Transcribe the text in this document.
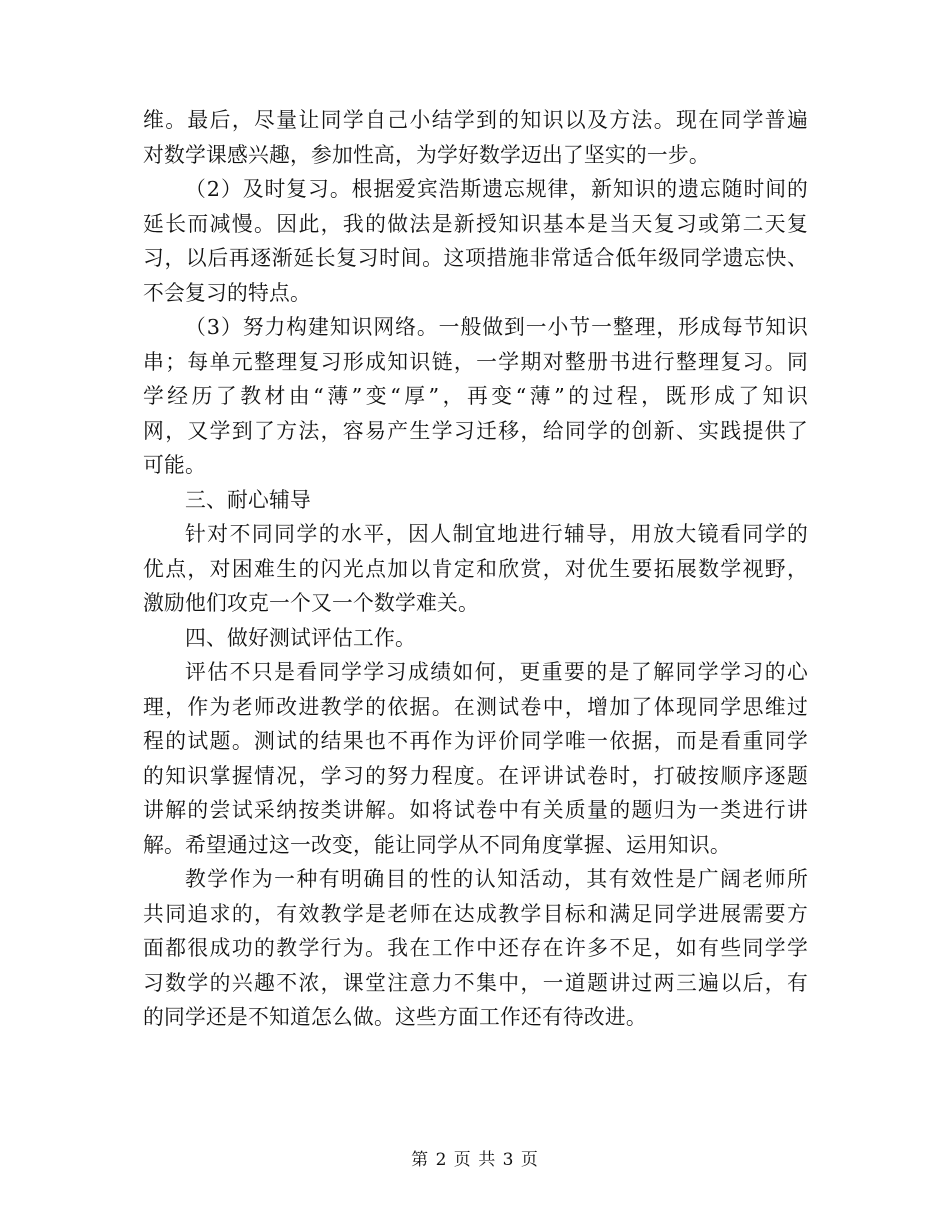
维。最后，尽量让同学自己小结学到的知识以及方法。现在同学普遍
对数学课感兴趣，参加性高，为学好数学迈出了坚实的一步。
（2）及时复习。根据爱宾浩斯遗忘规律，新知识的遗忘随时间的
延长而减慢。因此，我的做法是新授知识基本是当天复习或第二天复
习，以后再逐渐延长复习时间。这项措施非常适合低年级同学遗忘快、
不会复习的特点。
（3）努力构建知识网络。一般做到一小节一整理，形成每节知识
串；每单元整理复习形成知识链，一学期对整册书进行整理复习。同
学经历了教材由“薄”变“厚”，再变“薄”的过程，既形成了知识
网，又学到了方法，容易产生学习迁移，给同学的创新、实践提供了
可能。
三、耐心辅导
针对不同同学的水平，因人制宜地进行辅导，用放大镜看同学的
优点，对困难生的闪光点加以肯定和欣赏，对优生要拓展数学视野，
激励他们攻克一个又一个数学难关。
四、做好测试评估工作。
评估不只是看同学学习成绩如何，更重要的是了解同学学习的心
理，作为老师改进教学的依据。在测试卷中，增加了体现同学思维过
程的试题。测试的结果也不再作为评价同学唯一依据，而是看重同学
的知识掌握情况，学习的努力程度。在评讲试卷时，打破按顺序逐题
讲解的尝试采纳按类讲解。如将试卷中有关质量的题归为一类进行讲
解。希望通过这一改变，能让同学从不同角度掌握、运用知识。
教学作为一种有明确目的性的认知活动，其有效性是广阔老师所
共同追求的，有效教学是老师在达成教学目标和满足同学进展需要方
面都很成功的教学行为。我在工作中还存在许多不足，如有些同学学
习数学的兴趣不浓，课堂注意力不集中，一道题讲过两三遍以后，有
的同学还是不知道怎么做。这些方面工作还有待改进。
第 2 页 共 3 页
